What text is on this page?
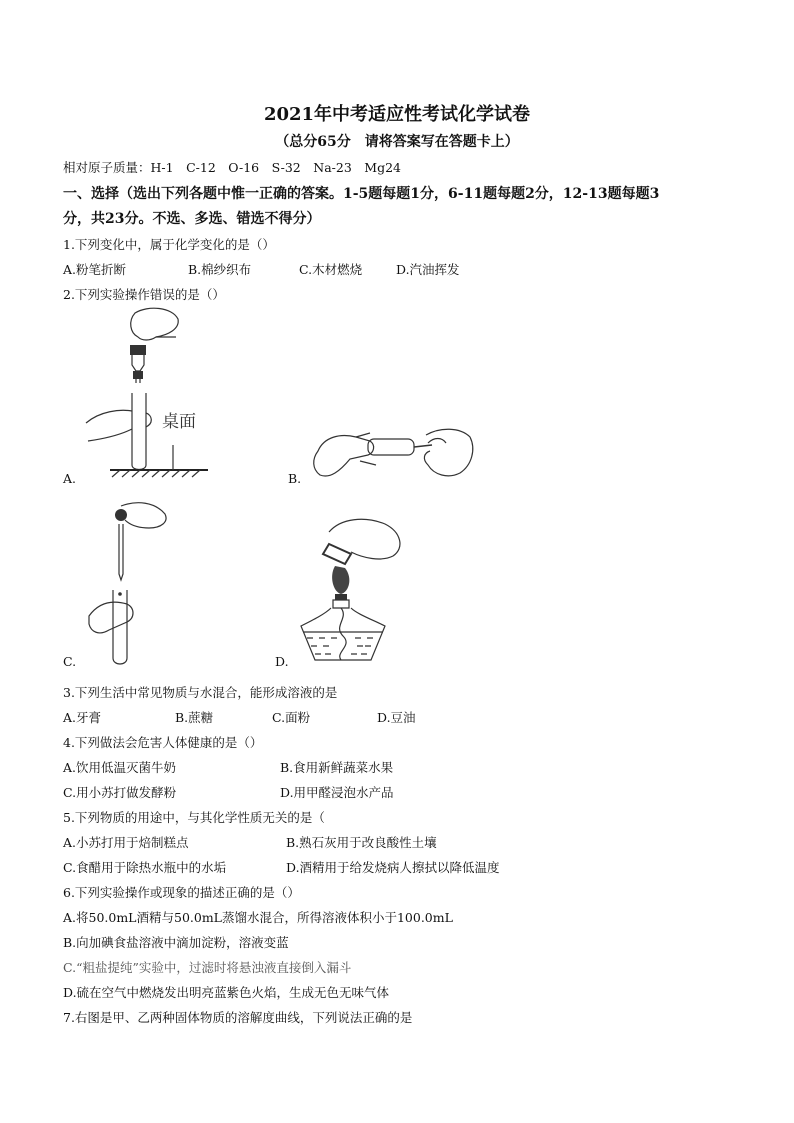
2021年中考适应性考试化学试卷
（总分65分　请将答案写在答题卡上）
相对原子质量：H-1　C-12　O-16　S-32　Na-23　Mg24
一、选择（选出下列各题中惟一正确的答案。1-5题每题1分，6-11题每题2分，12-13题每题3
分，共23分。不选、多选、错选不得分）
1.下列变化中，属于化学变化的是（）
A.粉笔折断	B.棉纱织布	C.木材燃烧	D.汽油挥发
2.下列实验操作错误的是（）
桌面
A.	B.
C.	D.
3.下列生活中常见物质与水混合，能形成溶液的是
A.牙膏	B.蔗糖	C.面粉	D.豆油
4.下列做法会危害人体健康的是（）
A.饮用低温灭菌牛奶	B.食用新鲜蔬菜水果
C.用小苏打做发酵粉	D.用甲醛浸泡水产品
5.下列物质的用途中，与其化学性质无关的是（
A.小苏打用于焙制糕点	B.熟石灰用于改良酸性土壤
C.食醋用于除热水瓶中的水垢	D.酒精用于给发烧病人擦拭以降低温度
6.下列实验操作或现象的描述正确的是（）
A.将50.0mL酒精与50.0mL蒸馏水混合，所得溶液体积小于100.0mL
B.向加碘食盐溶液中滴加淀粉，溶液变蓝
C.“粗盐提纯”实验中，过滤时将悬浊液直接倒入漏斗
D.硫在空气中燃烧发出明亮蓝紫色火焰，生成无色无味气体
7.右图是甲、乙两种固体物质的溶解度曲线，下列说法正确的是
